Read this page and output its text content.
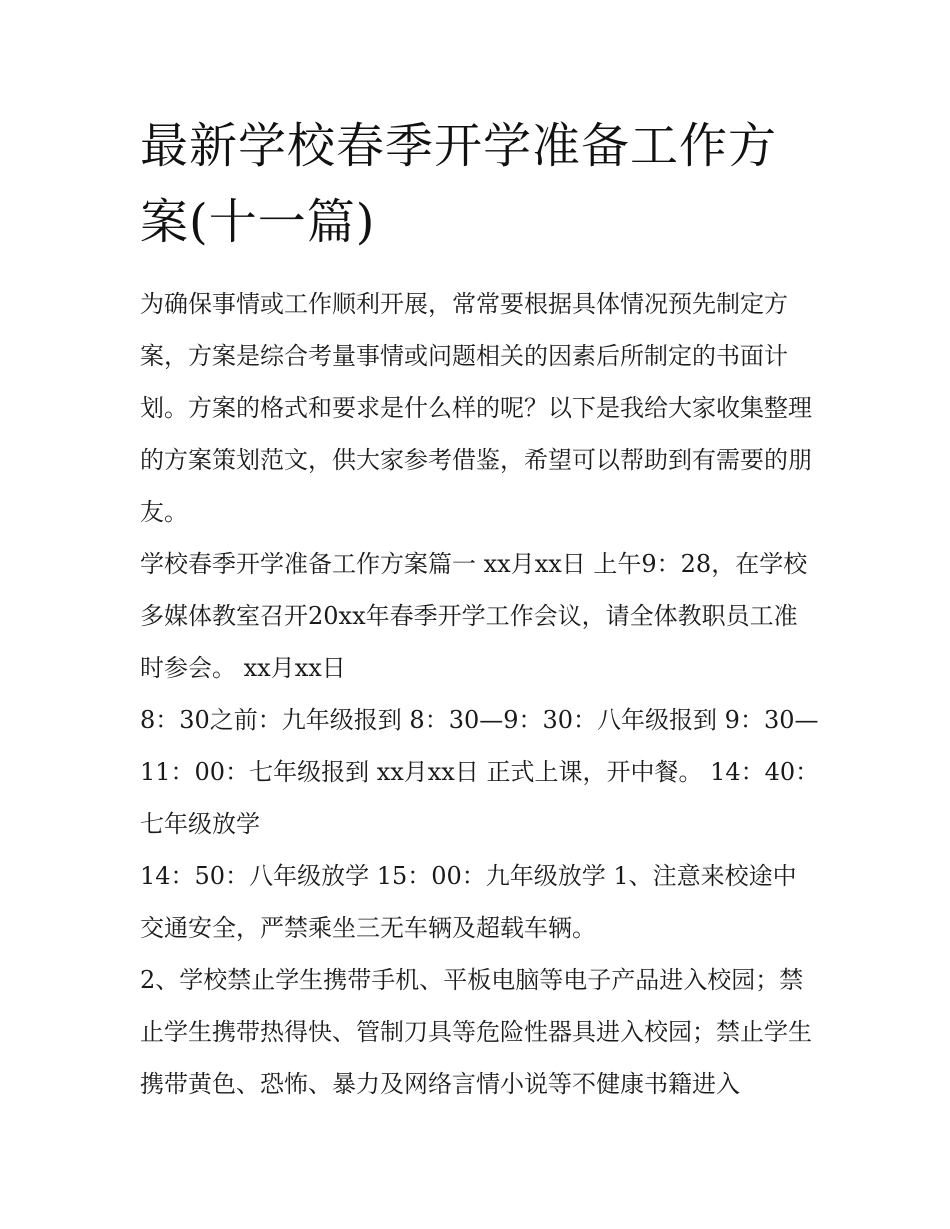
最新学校春季开学准备工作方案(十一篇)

为确保事情或工作顺利开展，常常要根据具体情况预先制定方案，方案是综合考量事情或问题相关的因素后所制定的书面计划。方案的格式和要求是什么样的呢？以下是我给大家收集整理的方案策划范文，供大家参考借鉴，希望可以帮助到有需要的朋友。

学校春季开学准备工作方案篇一 xx月xx日 上午9：28，在学校多媒体教室召开20xx年春季开学工作会议，请全体教职员工准时参会。 xx月xx日

8：30之前：九年级报到 8：30—9：30：八年级报到 9：30—11：00：七年级报到 xx月xx日 正式上课，开中餐。 14：40：七年级放学

14：50：八年级放学 15：00：九年级放学 1、注意来校途中交通安全，严禁乘坐三无车辆及超载车辆。

2、学校禁止学生携带手机、平板电脑等电子产品进入校园；禁止学生携带热得快、管制刀具等危险性器具进入校园；禁止学生携带黄色、恐怖、暴力及网络言情小说等不健康书籍进入
